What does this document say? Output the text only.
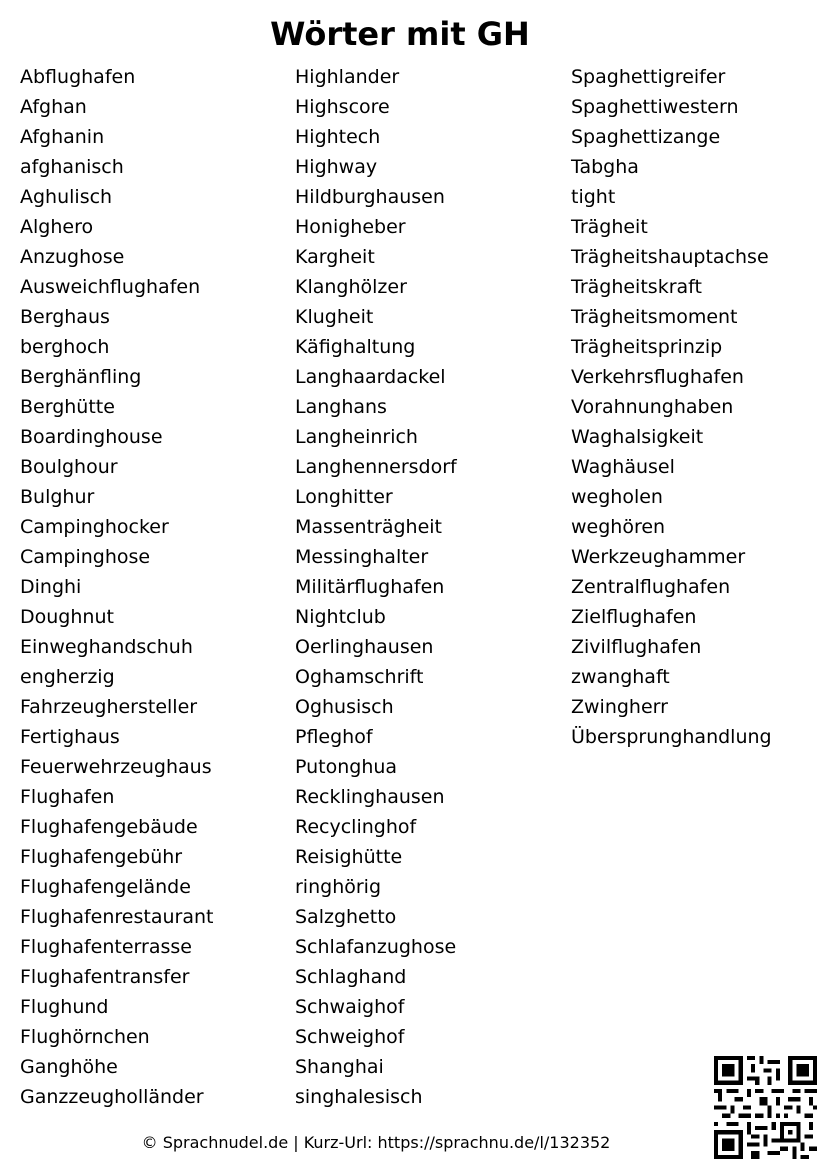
Wörter mit GH
Abflughafen
Afghan
Afghanin
afghanisch
Aghulisch
Alghero
Anzughose
Ausweichflughafen
Berghaus
berghoch
Berghänfling
Berghütte
Boardinghouse
Boulghour
Bulghur
Campinghocker
Campinghose
Dinghi
Doughnut
Einweghandschuh
engherzig
Fahrzeughersteller
Fertighaus
Feuerwehrzeughaus
Flughafen
Flughafengebäude
Flughafengebühr
Flughafengelände
Flughafenrestaurant
Flughafenterrasse
Flughafentransfer
Flughund
Flughörnchen
Ganghöhe
Ganzzeugholländer
Highlander
Highscore
Hightech
Highway
Hildburghausen
Honigheber
Kargheit
Klanghölzer
Klugheit
Käfighaltung
Langhaardackel
Langhans
Langheinrich
Langhennersdorf
Longhitter
Massenträgheit
Messinghalter
Militärflughafen
Nightclub
Oerlinghausen
Oghamschrift
Oghusisch
Pfleghof
Putonghua
Recklinghausen
Recyclinghof
Reisighütte
ringhörig
Salzghetto
Schlafanzughose
Schlaghand
Schwaighof
Schweighof
Shanghai
singhalesisch
Spaghettigreifer
Spaghettiwestern
Spaghettizange
Tabgha
tight
Trägheit
Trägheitshauptachse
Trägheitskraft
Trägheitsmoment
Trägheitsprinzip
Verkehrsflughafen
Vorahnunghaben
Waghalsigkeit
Waghäusel
wegholen
weghören
Werkzeughammer
Zentralflughafen
Zielflughafen
Zivilflughafen
zwanghaft
Zwingherr
Übersprunghandlung
© Sprachnudel.de | Kurz-Url: https://sprachnu.de/l/132352
